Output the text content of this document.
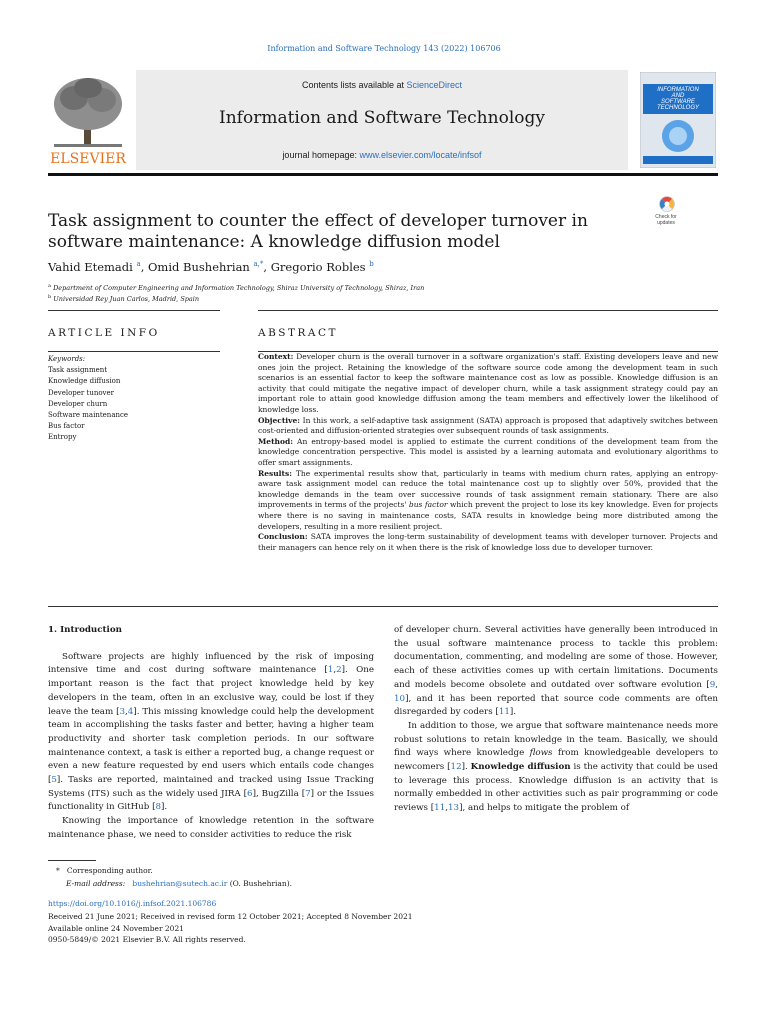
Information and Software Technology 143 (2022) 106706
ELSEVIER
Contents lists available at ScienceDirect
Information and Software Technology
journal homepage: www.elsevier.com/locate/infsof
INFORMATION
AND
SOFTWARE
TECHNOLOGY
Check for
updates
Task assignment to counter the effect of developer turnover in software maintenance: A knowledge diffusion model
Vahid Etemadi $^a$, Omid Bushehrian $^{a,*}$, Gregorio Robles $^b$
$^a$ Department of Computer Engineering and Information Technology, Shiraz University of Technology, Shiraz, Iran
$^b$ Universidad Rey Juan Carlos, Madrid, Spain
ARTICLE INFO	ABSTRACT
Keywords:
Task assignment
Knowledge diffusion
Developer tunover
Developer churn
Software maintenance
Bus factor
Entropy
Context: Developer churn is the overall turnover in a software organization's staff. Existing developers leave and new ones join the project. Retaining the knowledge of the software source code among the development team in such scenarios is an essential factor to keep the software maintenance cost as low as possible. Knowledge diffusion is an activity that could mitigate the negative impact of developer churn, while a task assignment strategy could pay an important role to attain good knowledge diffusion among the team members and effectively lower the likelihood of knowledge loss.
Objective: In this work, a self-adaptive task assignment (SATA) approach is proposed that adaptively switches between cost-oriented and diffusion-oriented strategies over subsequent rounds of task assignments.
Method: An entropy-based model is applied to estimate the current conditions of the development team from the knowledge concentration perspective. This model is assisted by a learning automata and evolutionary algorithms to offer smart assignments.
Results: The experimental results show that, particularly in teams with medium churn rates, applying an entropy-aware task assignment model can reduce the total maintenance cost up to slightly over 50%, provided that the knowledge demands in the team over successive rounds of task assignment remain stationary. There are also improvements in terms of the projects' bus factor which prevent the project to lose its key knowledge. Even for projects where there is no saving in maintenance costs, SATA results in knowledge being more distributed among the developers, resulting in a more resilient project.
Conclusion: SATA improves the long-term sustainability of development teams with developer turnover. Projects and their managers can hence rely on it when there is the risk of knowledge loss due to developer turnover.
1. Introduction
Software projects are highly influenced by the risk of imposing intensive time and cost during software maintenance [1,2]. One important reason is the fact that project knowledge held by key developers in the team, often in an exclusive way, could be lost if they leave the team [3,4]. This missing knowledge could help the development team in accomplishing the tasks faster and better, having a higher team productivity and shorter task completion periods. In our software maintenance context, a task is either a reported bug, a change request or even a new feature requested by end users which entails code changes [5]. Tasks are reported, maintained and tracked using Issue Tracking Systems (ITS) such as the widely used JIRA [6], BugZilla [7] or the Issues functionality in GitHub [8].
Knowing the importance of knowledge retention in the software maintenance phase, we need to consider activities to reduce the risk
of developer churn. Several activities have generally been introduced in the usual software maintenance process to tackle this problem: documentation, commenting, and modeling are some of those. However, each of these activities comes up with certain limitations. Documents and models become obsolete and outdated over software evolution [9, 10], and it has been reported that source code comments are often disregarded by coders [11].
In addition to those, we argue that software maintenance needs more robust solutions to retain knowledge in the team. Basically, we should find ways where knowledge flows from knowledgeable developers to newcomers [12]. Knowledge diffusion is the activity that could be used to leverage this process. Knowledge diffusion is an activity that is normally embedded in other activities such as pair programming or code reviews [11,13], and helps to mitigate the problem of
* Corresponding author.
E-mail address: bushehrian@sutech.ac.ir (O. Bushehrian).
https://doi.org/10.1016/j.infsof.2021.106786
Received 21 June 2021; Received in revised form 12 October 2021; Accepted 8 November 2021
Available online 24 November 2021
0950-5849/© 2021 Elsevier B.V. All rights reserved.
